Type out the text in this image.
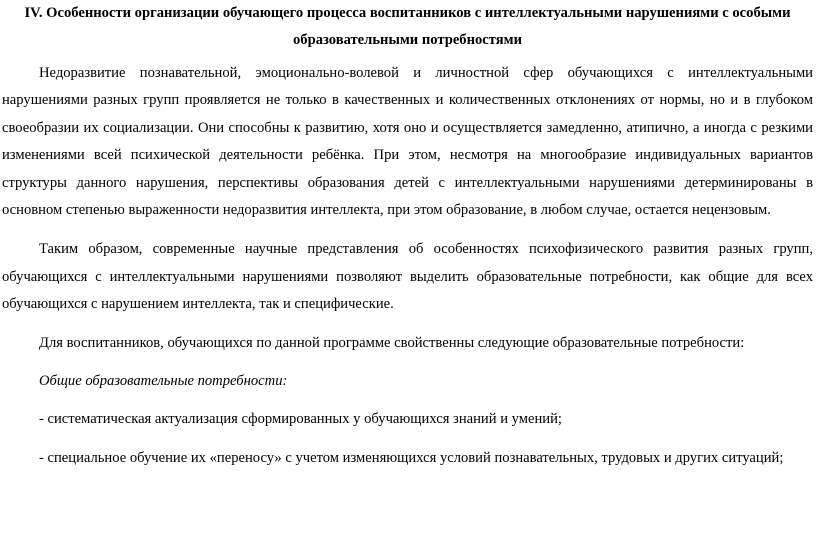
IV. Особенности организации обучающего процесса воспитанников с интеллектуальными нарушениями с особыми образовательными потребностями

Недоразвитие познавательной, эмоционально-волевой и личностной сфер обучающихся с интеллектуальными нарушениями разных групп проявляется не только в качественных и количественных отклонениях от нормы, но и в глубоком своеобразии их социализации. Они способны к развитию, хотя оно и осуществляется замедленно, атипично, а иногда с резкими изменениями всей психической деятельности ребёнка. При этом, несмотря на многообразие индивидуальных вариантов структуры данного нарушения, перспективы образования детей с интеллектуальными нарушениями детерминированы в основном степенью выраженности недоразвития интеллекта, при этом образование, в любом случае, остается нецензовым.

Таким образом, современные научные представления об особенностях психофизического развития разных групп, обучающихся с интеллектуальными нарушениями позволяют выделить образовательные потребности, как общие для всех обучающихся с нарушением интеллекта, так и специфические.

Для воспитанников, обучающихся по данной программе свойственны следующие образовательные потребности:

Общие образовательные потребности:

- систематическая актуализация сформированных у обучающихся знаний и умений;

- специальное обучение их «переносу» с учетом изменяющихся условий познавательных, трудовых и других ситуаций;
